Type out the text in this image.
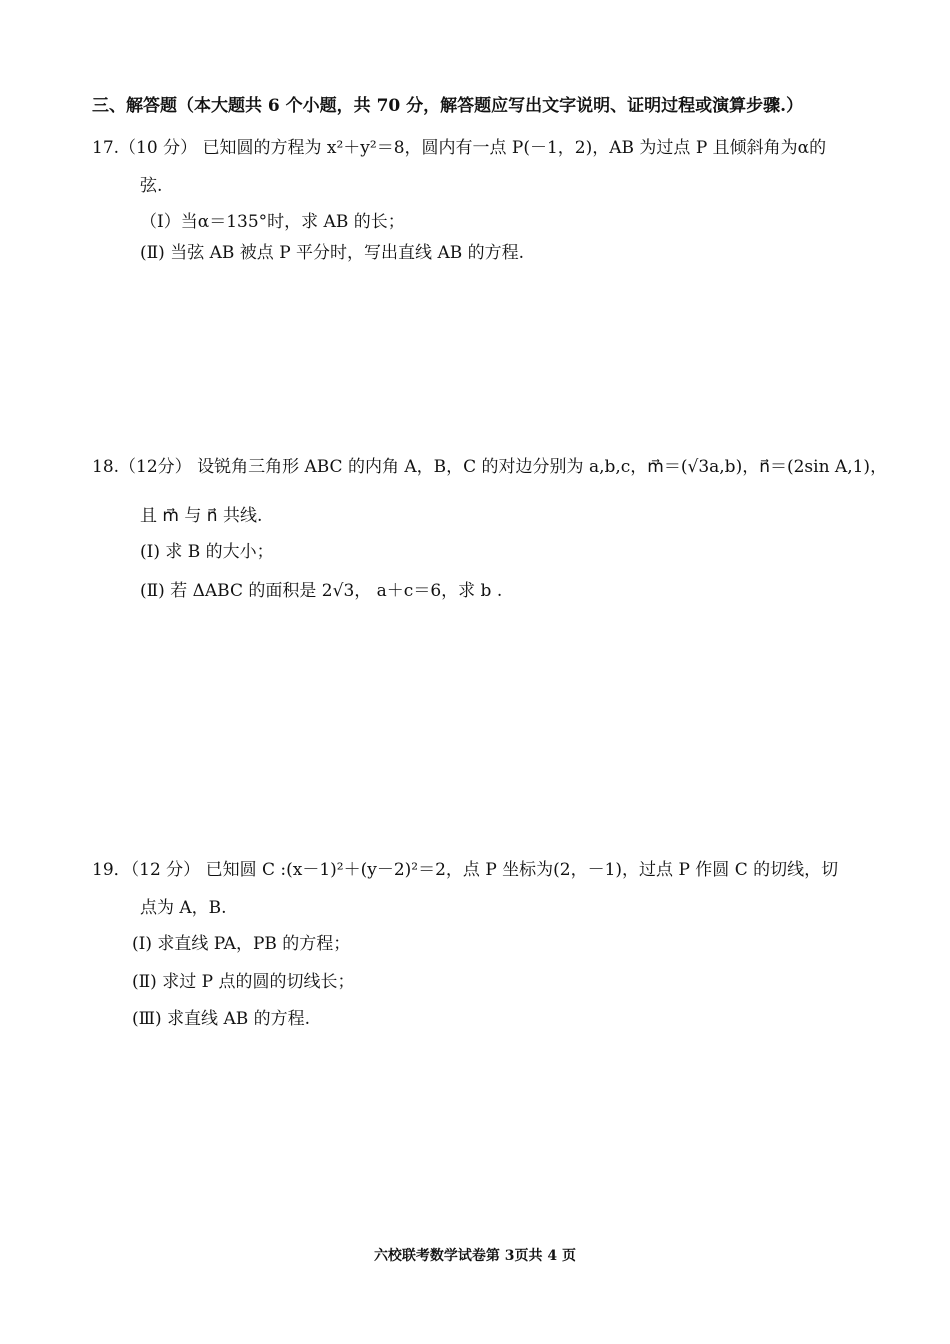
三、解答题（本大题共 6 个小题，共 70 分，解答题应写出文字说明、证明过程或演算步骤.）
17.（10 分） 已知圆的方程为 x²＋y²＝8，圆内有一点 P(－1，2)，AB 为过点 P 且倾斜角为α的
弦.
（Ⅰ）当α＝135°时，求 AB 的长；
(Ⅱ) 当弦 AB 被点 P 平分时，写出直线 AB 的方程.
18.（12分） 设锐角三角形 ABC 的内角 A，B，C 的对边分别为 a,b,c，m⃗＝(√3a,b)，n⃗＝(2sin A,1)，
且 m⃗ 与 n⃗ 共线.
(Ⅰ) 求 B 的大小；
(Ⅱ) 若 ΔABC 的面积是 2√3， a＋c＝6，求 b .
19．（12 分） 已知圆 C :(x－1)²＋(y－2)²＝2，点 P 坐标为(2，－1)，过点 P 作圆 C 的切线，切
点为 A，B.
(Ⅰ) 求直线 PA，PB 的方程；
(Ⅱ) 求过 P 点的圆的切线长；
(Ⅲ) 求直线 AB 的方程.
六校联考数学试卷第 3页共 4 页
